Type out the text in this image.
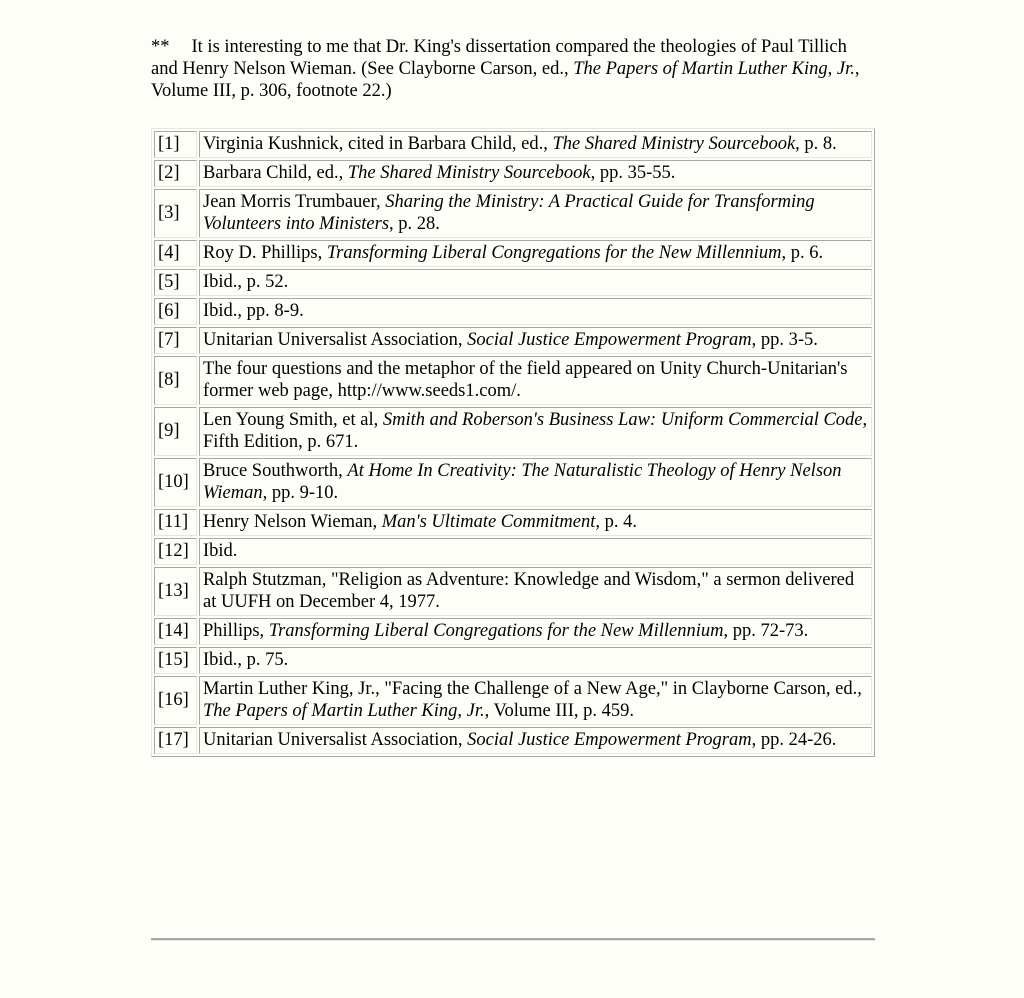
** It is interesting to me that Dr. King's dissertation compared the theologies of Paul Tillich and Henry Nelson Wieman. (See Clayborne Carson, ed., The Papers of Martin Luther King, Jr., Volume III, p. 306, footnote 22.)
[1]	Virginia Kushnick, cited in Barbara Child, ed., The Shared Ministry Sourcebook, p. 8.
[2]	Barbara Child, ed., The Shared Ministry Sourcebook, pp. 35-55.
[3]	Jean Morris Trumbauer, Sharing the Ministry: A Practical Guide for Transforming Volunteers into Ministers, p. 28.
[4]	Roy D. Phillips, Transforming Liberal Congregations for the New Millennium, p. 6.
[5]	Ibid., p. 52.
[6]	Ibid., pp. 8-9.
[7]	Unitarian Universalist Association, Social Justice Empowerment Program, pp. 3-5.
[8]	The four questions and the metaphor of the field appeared on Unity Church-Unitarian's former web page, http://www.seeds1.com/.
[9]	Len Young Smith, et al, Smith and Roberson's Business Law: Uniform Commercial Code, Fifth Edition, p. 671.
[10]	Bruce Southworth, At Home In Creativity: The Naturalistic Theology of Henry Nelson Wieman, pp. 9-10.
[11]	Henry Nelson Wieman, Man's Ultimate Commitment, p. 4.
[12]	Ibid.
[13]	Ralph Stutzman, "Religion as Adventure: Knowledge and Wisdom," a sermon delivered at UUFH on December 4, 1977.
[14]	Phillips, Transforming Liberal Congregations for the New Millennium, pp. 72-73.
[15]	Ibid., p. 75.
[16]	Martin Luther King, Jr., "Facing the Challenge of a New Age," in Clayborne Carson, ed., The Papers of Martin Luther King, Jr., Volume III, p. 459.
[17]	Unitarian Universalist Association, Social Justice Empowerment Program, pp. 24-26.
